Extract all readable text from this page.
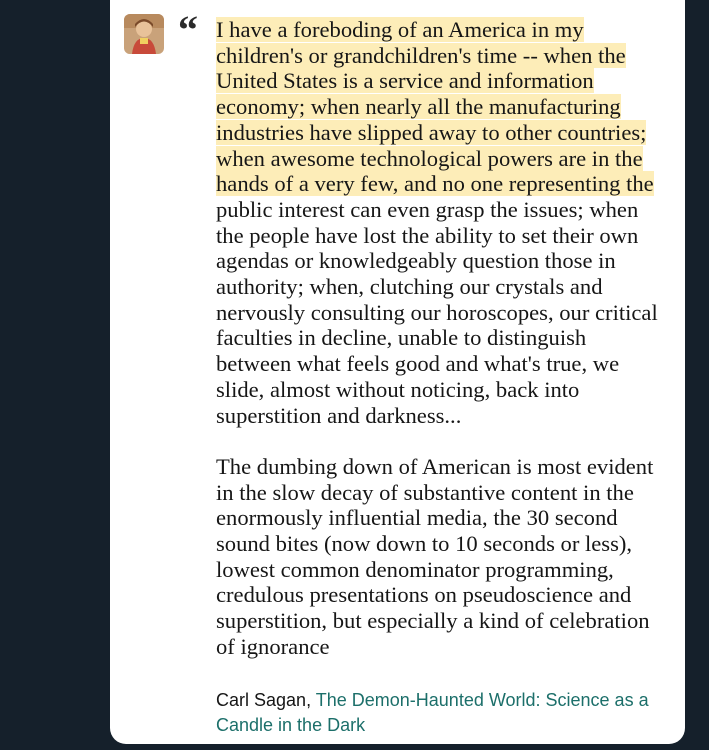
“ I have a foreboding of an America in my children's or grandchildren's time -- when the United States is a service and information economy; when nearly all the manufacturing industries have slipped away to other countries; when awesome technological powers are in the hands of a very few, and no one representing the public interest can even grasp the issues; when the people have lost the ability to set their own agendas or knowledgeably question those in authority; when, clutching our crystals and nervously consulting our horoscopes, our critical faculties in decline, unable to distinguish between what feels good and what's true, we slide, almost without noticing, back into superstition and darkness...

The dumbing down of American is most evident in the slow decay of substantive content in the enormously influential media, the 30 second sound bites (now down to 10 seconds or less), lowest common denominator programming, credulous presentations on pseudoscience and superstition, but especially a kind of celebration of ignorance

Carl Sagan, The Demon-Haunted World: Science as a Candle in the Dark
